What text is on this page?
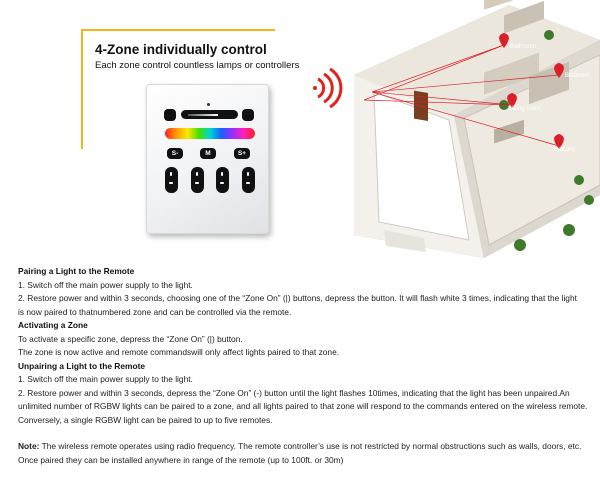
4-Zone individually control
Each zone control countless lamps or controllers
S-	M	S+
Bathroom
Bedroom
Sitting room
Balcony

Pairing a Light to the Remote

1. Switch off the main power supply to the light.

2. Restore power and within 3 seconds, choosing one of the “Zone On” (|) buttons, depress the button. It will flash white 3 times, indicating that the light

is now paired to thatnumbered zone and can be controlled via the remote.

Activating a Zone

To activate a specific zone, depress the “Zone On” (|) button.

The zone is now active and remote commandswill only affect lights paired to that zone.

Unpairing a Light to the Remote

1. Switch off the main power supply to the light.

2. Restore power and within 3 seconds, depress the “Zone On” (-) button until the light flashes 10times, indicating that the light has been unpaired.An

unlimited number of RGBW lights can be paired to a zone, and all lights paired to that zone will respond to the commands entered on the wireless remote.

Conversely, a single RGBW light can be paired to up to five remotes.

Note: The wireless remote operates using radio frequency. The remote controller’s use is not restricted by normal obstructions such as walls, doors, etc.

Once paired they can be installed anywhere in range of the remote (up to 100ft. or 30m)
